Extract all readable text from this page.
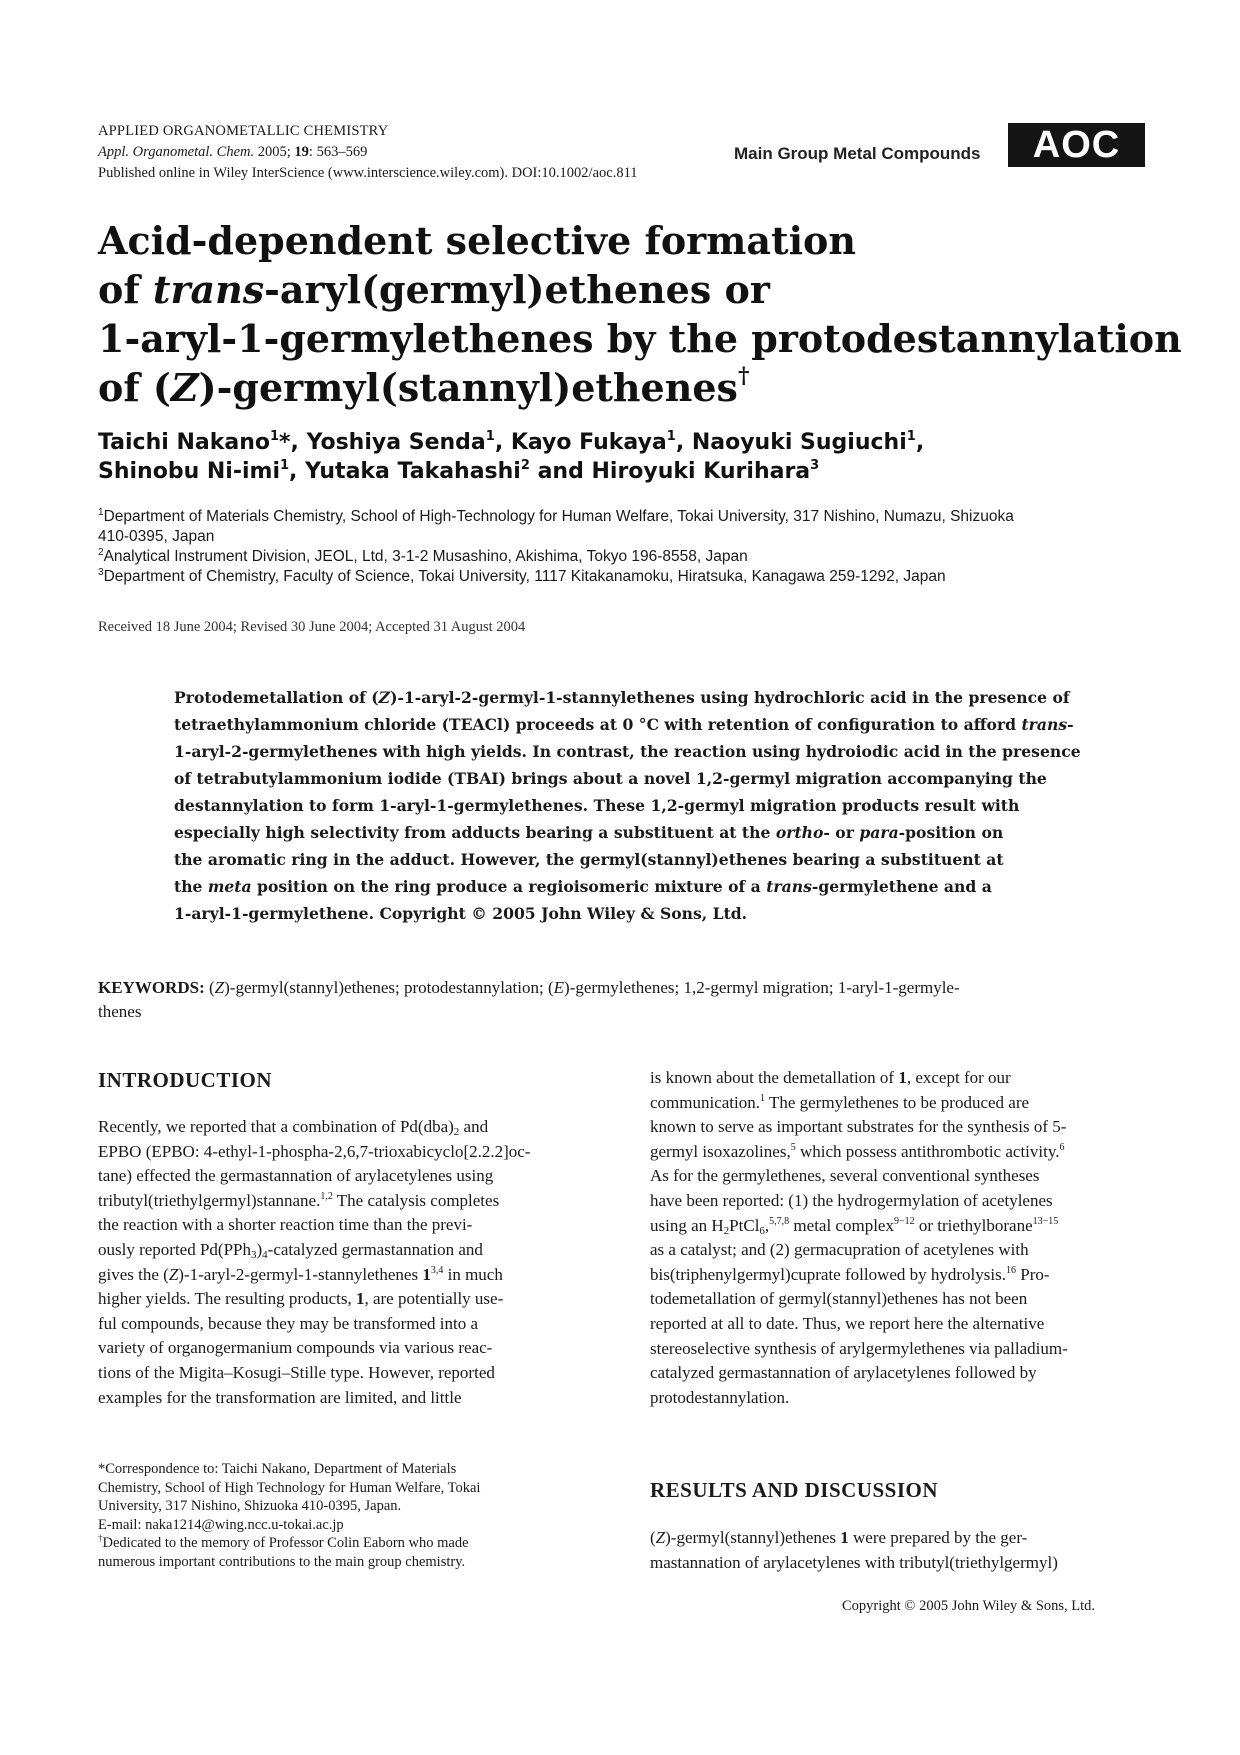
APPLIED ORGANOMETALLIC CHEMISTRY
Appl. Organometal. Chem. 2005; 19: 563–569
Published online in Wiley InterScience (www.interscience.wiley.com). DOI:10.1002/aoc.811
Main Group Metal Compounds	AOC
Acid-dependent selective formation
of trans-aryl(germyl)ethenes or
1-aryl-1-germylethenes by the protodestannylation
of (Z)-germyl(stannyl)ethenes†
Taichi Nakano$^1$*, Yoshiya Senda$^1$, Kayo Fukaya$^1$, Naoyuki Sugiuchi$^1$,
Shinobu Ni-imi$^1$, Yutaka Takahashi$^2$ and Hiroyuki Kurihara$^3$
$^1$Department of Materials Chemistry, School of High-Technology for Human Welfare, Tokai University, 317 Nishino, Numazu, Shizuoka
410-0395, Japan
$^2$Analytical Instrument Division, JEOL, Ltd, 3-1-2 Musashino, Akishima, Tokyo 196-8558, Japan
$^3$Department of Chemistry, Faculty of Science, Tokai University, 1117 Kitakanamoku, Hiratsuka, Kanagawa 259-1292, Japan
Received 18 June 2004; Revised 30 June 2004; Accepted 31 August 2004
Protodemetallation of (Z)-1-aryl-2-germyl-1-stannylethenes using hydrochloric acid in the presence of
tetraethylammonium chloride (TEACl) proceeds at 0 °C with retention of configuration to afford trans-
1-aryl-2-germylethenes with high yields. In contrast, the reaction using hydroiodic acid in the presence
of tetrabutylammonium iodide (TBAI) brings about a novel 1,2-germyl migration accompanying the
destannylation to form 1-aryl-1-germylethenes. These 1,2-germyl migration products result with
especially high selectivity from adducts bearing a substituent at the ortho- or para-position on
the aromatic ring in the adduct. However, the germyl(stannyl)ethenes bearing a substituent at
the meta position on the ring produce a regioisomeric mixture of a trans-germylethene and a
1-aryl-1-germylethene. Copyright © 2005 John Wiley & Sons, Ltd.
KEYWORDS: (Z)-germyl(stannyl)ethenes; protodestannylation; (E)-germylethenes; 1,2-germyl migration; 1-aryl-1-germyle-
thenes
INTRODUCTION
Recently, we reported that a combination of $Pd(dba)_2$ and
EPBO (EPBO: 4-ethyl-1-phospha-2,6,7-trioxabicyclo[2.2.2]oc-
tane) effected the germastannation of arylacetylenes using
tributyl(triethylgermyl)stannane.$^{1,2}$ The catalysis completes
the reaction with a shorter reaction time than the previ-
ously reported $Pd(PPh_3)_4$-catalyzed germastannation and
gives the (Z)-1-aryl-2-germyl-1-stannylethenes 1$^{3,4}$ in much
higher yields. The resulting products, 1, are potentially use-
ful compounds, because they may be transformed into a
variety of organogermanium compounds via various reac-
tions of the Migita–Kosugi–Stille type. However, reported
examples for the transformation are limited, and little
*Correspondence to: Taichi Nakano, Department of Materials
Chemistry, School of High Technology for Human Welfare, Tokai
University, 317 Nishino, Shizuoka 410-0395, Japan.
E-mail: naka1214@wing.ncc.u-tokai.ac.jp
†Dedicated to the memory of Professor Colin Eaborn who made
numerous important contributions to the main group chemistry.
is known about the demetallation of 1, except for our
communication.$^1$ The germylethenes to be produced are
known to serve as important substrates for the synthesis of 5-
germyl isoxazolines,$^5$ which possess antithrombotic activity.$^6$
As for the germylethenes, several conventional syntheses
have been reported: (1) the hydrogermylation of acetylenes
using an $H_2PtCl_6,^{5,7,8}$ metal complex$^{9-12}$ or triethylborane$^{13-15}$
as a catalyst; and (2) germacupration of acetylenes with
bis(triphenylgermyl)cuprate followed by hydrolysis.$^{16}$ Pro-
todemetallation of germyl(stannyl)ethenes has not been
reported at all to date. Thus, we report here the alternative
stereoselective synthesis of arylgermylethenes via palladium-
catalyzed germastannation of arylacetylenes followed by
protodestannylation.
RESULTS AND DISCUSSION
(Z)-germyl(stannyl)ethenes 1 were prepared by the ger-
mastannation of arylacetylenes with tributyl(triethylgermyl)
Copyright © 2005 John Wiley & Sons, Ltd.
